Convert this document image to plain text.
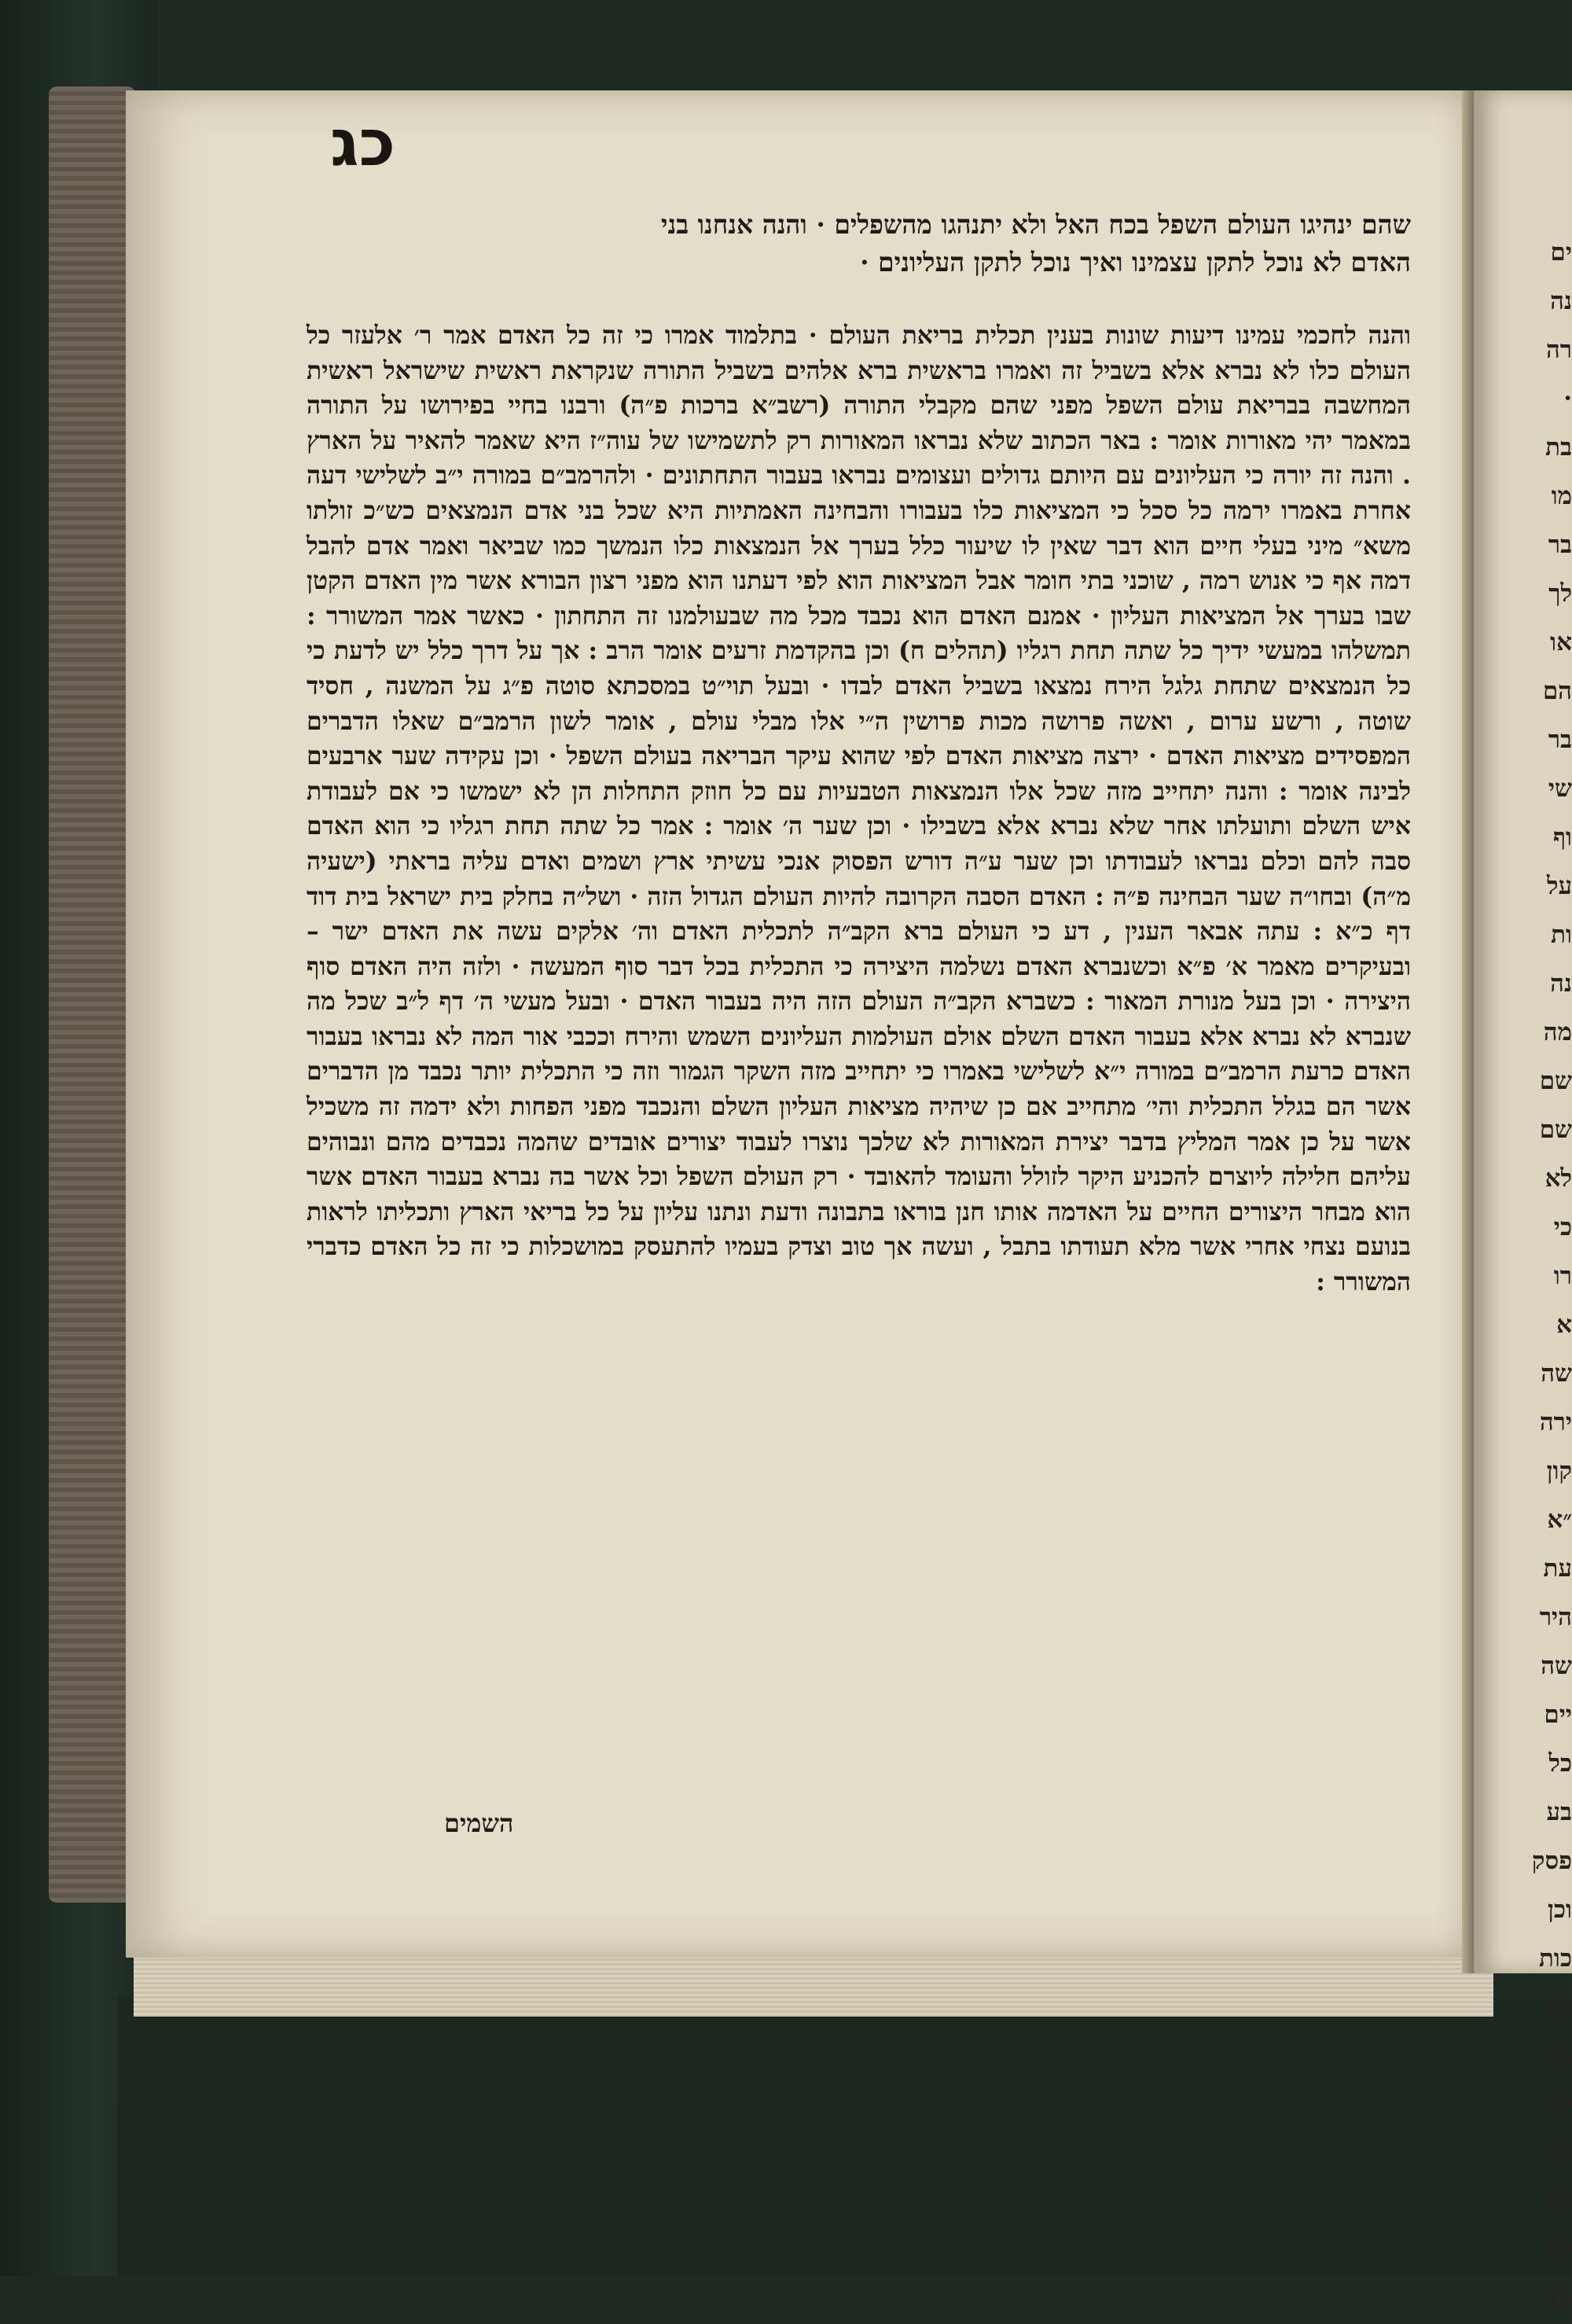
כג

שהם ינהיגו העולם השפל בכח האל ולא יתנהגו מהשפלים · והנה אנחנו בני
האדם לא נוכל לתקן עצמינו ואיך נוכל לתקן העליונים ·

והנה לחכמי עמינו דיעות שונות בענין תכלית בריאת העולם · בתלמוד אמרו כי זה כל האדם אמר ר׳ אלעזר כל העולם כלו לא נברא אלא בשביל זה ואמרו בראשית ברא אלהים בשביל התורה שנקראת ראשית שישראל ראשית המחשבה בבריאת עולם השפל מפני שהם מקבלי התורה (רשב״א ברכות פ״ה) ורבנו בחיי בפירושו על התורה במאמר יהי מאורות אומר : באר הכתוב שלא נבראו המאורות רק לתשמישו של עוה״ז היא שאמר להאיר על הארץ . והנה זה יורה כי העליונים עם היותם גדולים ועצומים נבראו בעבור התחתונים · ולהרמב״ם במורה י״ב לשלישי דעה אחרת באמרו ירמה כל סכל כי המציאות כלו בעבורו והבחינה האמתיות היא שכל בני אדם הנמצאים כש״כ זולתו משא״ מיני בעלי חיים הוא דבר שאין לו שיעור כלל בערך אל הנמצאות כלו הנמשך כמו שביאר ואמר אדם להבל דמה אף כי אנוש רמה , שוכני בתי חומר אבל המציאות הוא לפי דעתנו הוא מפני רצון הבורא אשר מין האדם הקטן שבו בערך אל המציאות העליון · אמנם האדם הוא נכבד מכל מה שבעולמנו זה התחתון · כאשר אמר המשורר : תמשלהו במעשי ידיך כל שתה תחת רגליו (תהלים ח) וכן בהקדמת זרעים אומר הרב : אך על דרך כלל יש לדעת כי כל הנמצאים שתחת גלגל הירח נמצאו בשביל האדם לבדו · ובעל תוי״ט במסכתא סוטה פ״ג על המשנה , חסיד שוטה , ורשע ערום , ואשה פרושה מכות פרושין ה״י אלו מבלי עולם , אומר לשון הרמב״ם שאלו הדברים המפסידים מציאות האדם · ירצה מציאות האדם לפי שהוא עיקר הבריאה בעולם השפל · וכן עקידה שער ארבעים לבינה אומר : והנה יתחייב מזה שכל אלו הנמצאות הטבעיות עם כל חוזק התחלות הן לא ישמשו כי אם לעבודת איש השלם ותועלתו אחר שלא נברא אלא בשבילו · וכן שער ה׳ אומר : אמר כל שתה תחת רגליו כי הוא האדם סבה להם וכלם נבראו לעבודתו וכן שער ע״ה דורש הפסוק אנכי עשיתי ארץ ושמים ואדם עליה בראתי (ישעיה מ״ה) ובחו״ה שער הבחינה פ״ה : האדם הסבה הקרובה להיות העולם הגדול הזה · ושל״ה בחלק בית ישראל בית דוד דף כ״א : עתה אבאר הענין , דע כי העולם ברא הקב״ה לתכלית האדם וה׳ אלקים עשה את האדם ישר – ובעיקרים מאמר א׳ פ״א וכשנברא האדם נשלמה היצירה כי התכלית בכל דבר סוף המעשה · ולזה היה האדם סוף היצירה · וכן בעל מנורת המאור : כשברא הקב״ה העולם הזה היה בעבור האדם · ובעל מעשי ה׳ דף ל״ב שכל מה שנברא לא נברא אלא בעבור האדם השלם אולם העולמות העליונים השמש והירח וככבי אור המה לא נבראו בעבור האדם כרעת הרמב״ם במורה י״א לשלישי באמרו כי יתחייב מזה השקר הגמור וזה כי התכלית יותר נכבד מן הדברים אשר הם בגלל התכלית והי׳ מתחייב אם כן שיהיה מציאות העליון השלם והנכבד מפני הפחות ולא ידמה זה משכיל אשר על כן אמר המליץ בדבר יצירת המאורות לא שלכך נוצרו לעבוד יצורים אובדים שהמה נכבדים מהם ונבוהים עליהם חלילה ליוצרם להכניע היקר לזולל והעומד להאובד · רק העולם השפל וכל אשר בה נברא בעבור האדם אשר הוא מבחר היצורים החיים על האדמה אותו חנן בוראו בתבונה ודעת ונתנו עליון על כל בריאי הארץ ותכליתו לראות בנועם נצחי אחרי אשר מלא תעודתו בתבל , ועשה אך טוב וצדק בעמיו להתעסק במושכלות כי זה כל האדם כדברי המשורר :

השמים

ים
נה
רה
·
בת
מו
בר
לך
או
הם
בר
שי
וף
על
ות
נה
מה
שם
שם
לא
כי
רו
א
שה
ירה
קון
״א
עת
היר
שה
יים
כל
בע
פסק
וכן
כות
מה
בת
ינו
שר
עת
לא
תנו
